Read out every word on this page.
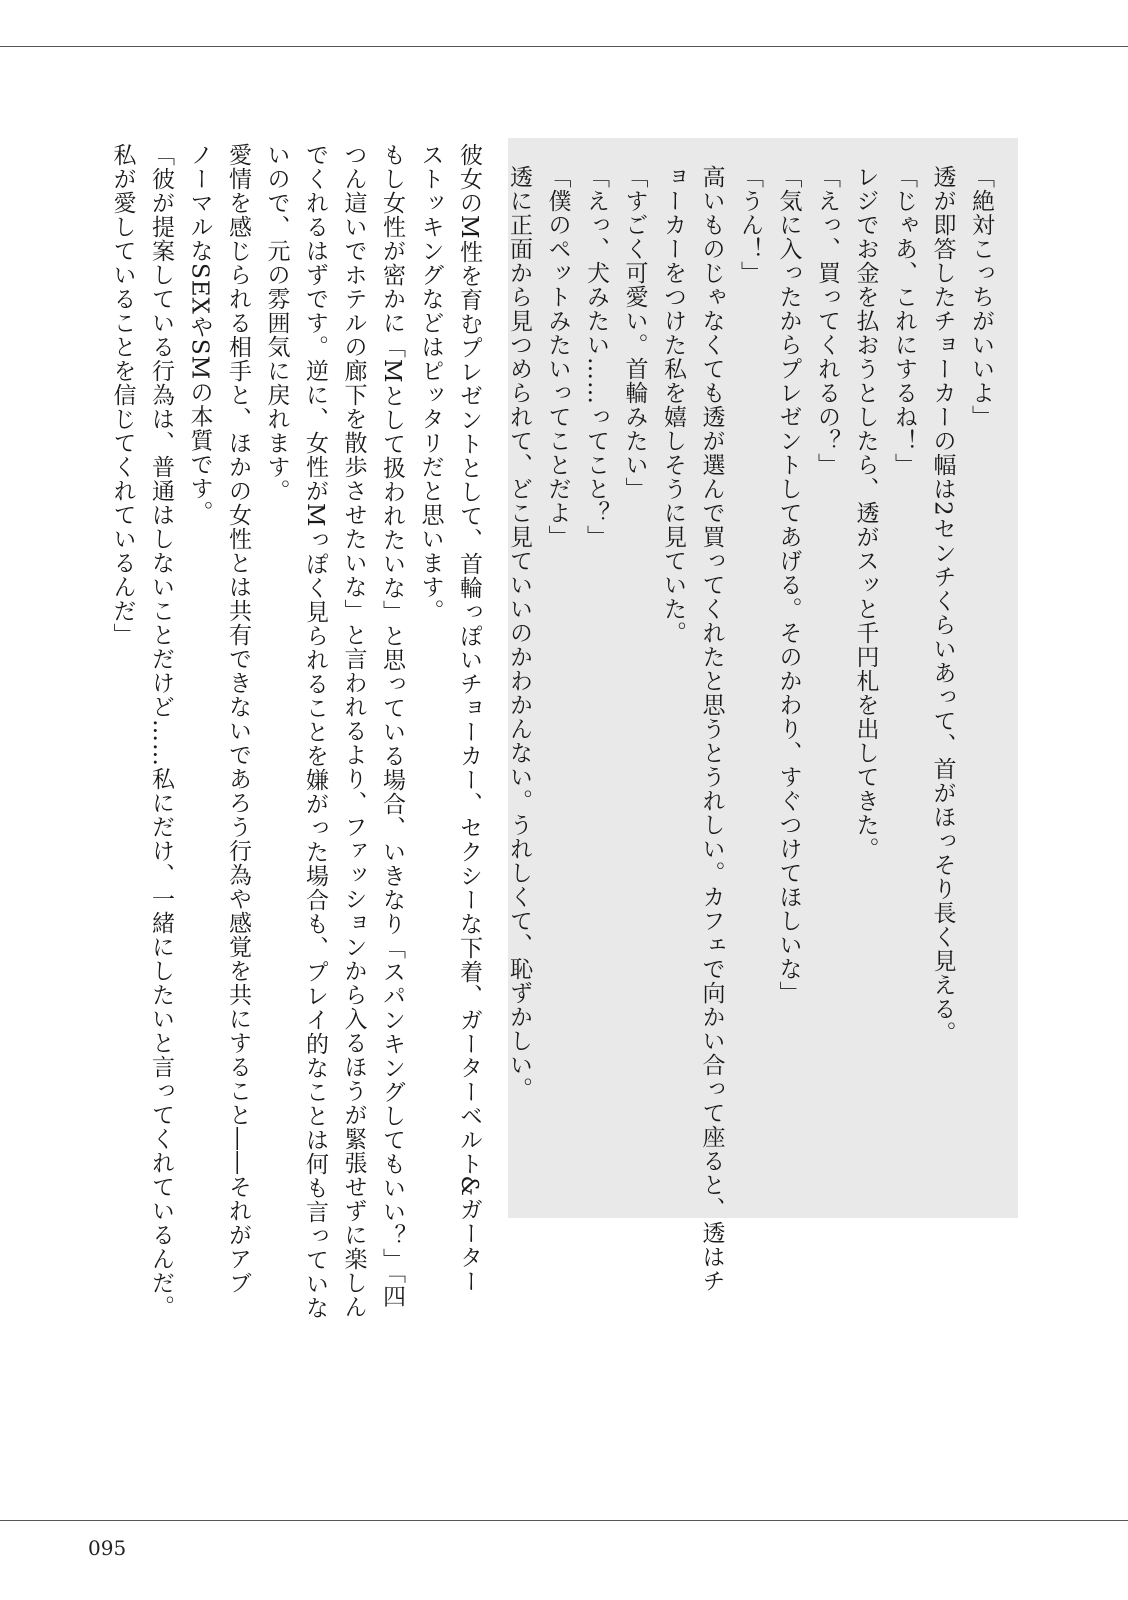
「絶対こっちがいいよ」

透が即答したチョーカーの幅は2センチくらいあって、首がほっそり長く見える。

「じゃあ、これにするね！」

レジでお金を払おうとしたら、透がスッと千円札を出してきた。

「えっ、買ってくれるの？」

「気に入ったからプレゼントしてあげる。そのかわり、すぐつけてほしいな」

「うん！」

高いものじゃなくても透が選んで買ってくれたと思うとうれしい。カフェで向かい合って座ると、透はチ

ョーカーをつけた私を嬉しそうに見ていた。

「すごく可愛い。首輪みたい」

「えっ、犬みたい……ってこと？」

「僕のペットみたいってことだよ」

透に正面から見つめられて、どこ見ていいのかわかんない。うれしくて、恥ずかしい。

彼女のM性を育むプレゼントとして、首輪っぽいチョーカー、セクシーな下着、ガーターベルト&ガーター

ストッキングなどはピッタリだと思います。

もし女性が密かに「Mとして扱われたいな」と思っている場合、いきなり「スパンキングしてもいい？」「四

つん這いでホテルの廊下を散歩させたいな」と言われるより、ファッションから入るほうが緊張せずに楽しん

でくれるはずです。逆に、女性がMっぽく見られることを嫌がった場合も、プレイ的なことは何も言っていな

いので、元の雰囲気に戻れます。

愛情を感じられる相手と、ほかの女性とは共有できないであろう行為や感覚を共にすること――それがアブ

ノーマルなSEXやSMの本質です。

「彼が提案している行為は、普通はしないことだけど……私にだけ、一緒にしたいと言ってくれているんだ。

私が愛していることを信じてくれているんだ」

095
